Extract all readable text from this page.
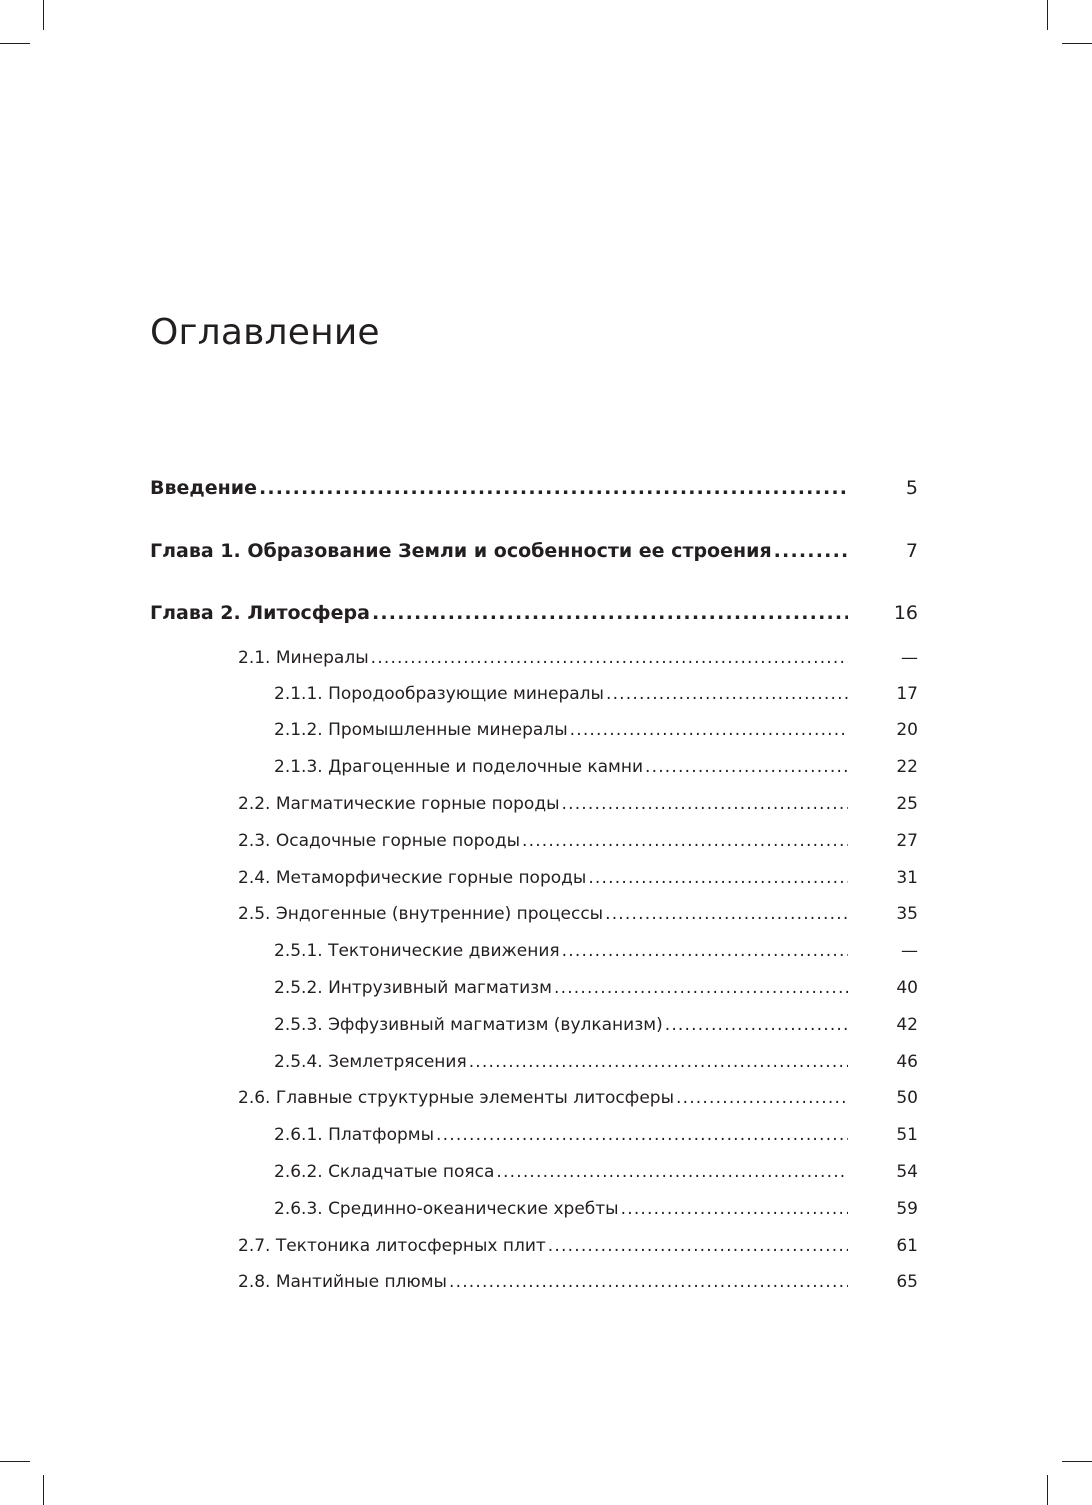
Оглавление
Введение .....	5
Глава 1. Образование Земли и особенности ее строения .....	7
Глава 2. Литосфера .....	16
2.1. Минералы .....	—
2.1.1. Породообразующие минералы .....	17
2.1.2. Промышленные минералы .....	20
2.1.3. Драгоценные и поделочные камни .....	22
2.2. Магматические горные породы .....	25
2.3. Осадочные горные породы .....	27
2.4. Метаморфические горные породы .....	31
2.5. Эндогенные (внутренние) процессы .....	35
2.5.1. Тектонические движения .....	—
2.5.2. Интрузивный магматизм .....	40
2.5.3. Эффузивный магматизм (вулканизм) .....	42
2.5.4. Землетрясения .....	46
2.6. Главные структурные элементы литосферы .....	50
2.6.1. Платформы .....	51
2.6.2. Складчатые пояса .....	54
2.6.3. Срединно-океанические хребты .....	59
2.7. Тектоника литосферных плит .....	61
2.8. Мантийные плюмы .....	65
